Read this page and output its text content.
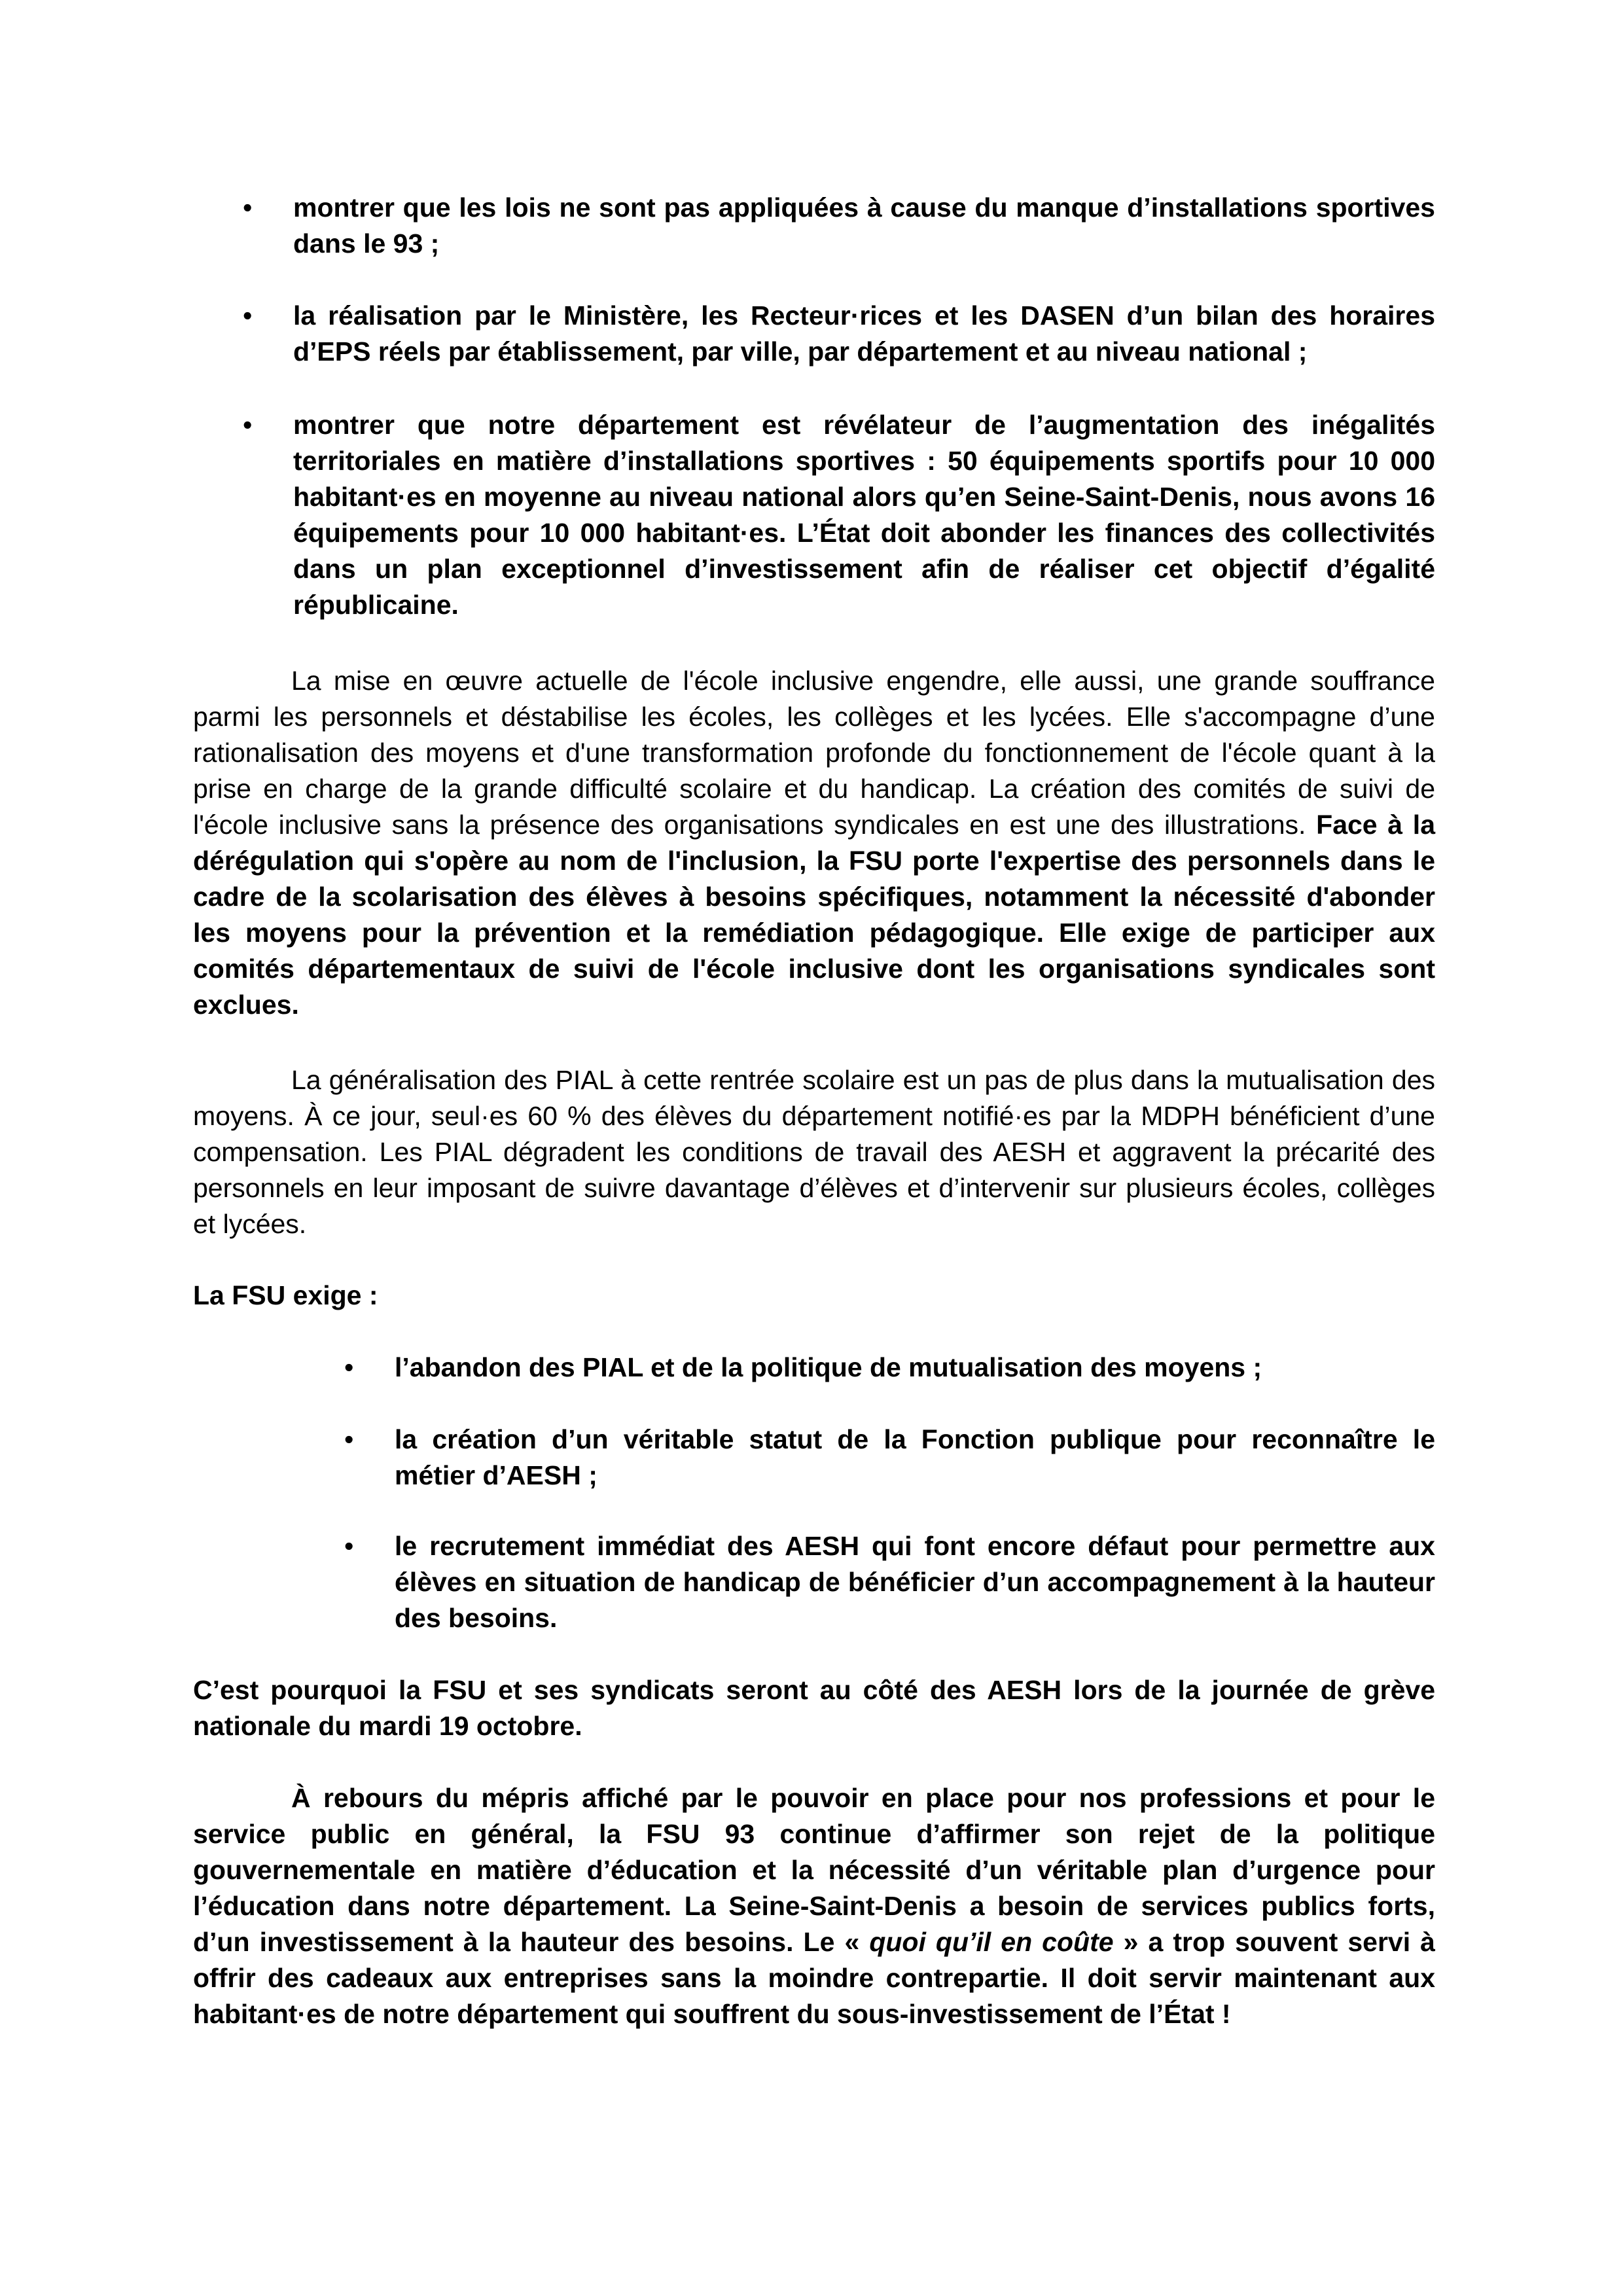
• montrer que les lois ne sont pas appliquées à cause du manque d’installations sportives dans le 93 ;
• la réalisation par le Ministère, les Recteur·rices et les DASEN d’un bilan des horaires d’EPS réels par établissement, par ville, par département et au niveau national ;
• montrer que notre département est révélateur de l’augmentation des inégalités territoriales en matière d’installations sportives : 50 équipements sportifs pour 10 000 habitant·es en moyenne au niveau national alors qu’en Seine-Saint-Denis, nous avons 16 équipements pour 10 000 habitant·es. L’État doit abonder les finances des collectivités dans un plan exceptionnel d’investissement afin de réaliser cet objectif d’égalité républicaine.

La mise en œuvre actuelle de l'école inclusive engendre, elle aussi, une grande souffrance parmi les personnels et déstabilise les écoles, les collèges et les lycées. Elle s'accompagne d’une rationalisation des moyens et d'une transformation profonde du fonctionnement de l'école quant à la prise en charge de la grande difficulté scolaire et du handicap. La création des comités de suivi de l'école inclusive sans la présence des organisations syndicales en est une des illustrations. Face à la dérégulation qui s'opère au nom de l'inclusion, la FSU porte l'expertise des personnels dans le cadre de la scolarisation des élèves à besoins spécifiques, notamment la nécessité d'abonder les moyens pour la prévention et la remédiation pédagogique. Elle exige de participer aux comités départementaux de suivi de l'école inclusive dont les organisations syndicales sont exclues.

La généralisation des PIAL à cette rentrée scolaire est un pas de plus dans la mutualisation des moyens. À ce jour, seul·es 60 % des élèves du département notifié·es par la MDPH bénéficient d’une compensation. Les PIAL dégradent les conditions de travail des AESH et aggravent la précarité des personnels en leur imposant de suivre davantage d’élèves et d’intervenir sur plusieurs écoles, collèges et lycées.

La FSU exige :
• l’abandon des PIAL et de la politique de mutualisation des moyens ;
• la création d’un véritable statut de la Fonction publique pour reconnaître le métier d’AESH ;
• le recrutement immédiat des AESH qui font encore défaut pour permettre aux élèves en situation de handicap de bénéficier d’un accompagnement à la hauteur des besoins.
C’est pourquoi la FSU et ses syndicats seront au côté des AESH lors de la journée de grève nationale du mardi 19 octobre.

À rebours du mépris affiché par le pouvoir en place pour nos professions et pour le service public en général, la FSU 93 continue d’affirmer son rejet de la politique gouvernementale en matière d’éducation et la nécessité d’un véritable plan d’urgence pour l’éducation dans notre département. La Seine-Saint-Denis a besoin de services publics forts, d’un investissement à la hauteur des besoins. Le « quoi qu’il en coûte » a trop souvent servi à offrir des cadeaux aux entreprises sans la moindre contrepartie. Il doit servir maintenant aux habitant·es de notre département qui souffrent du sous-investissement de l’État !
